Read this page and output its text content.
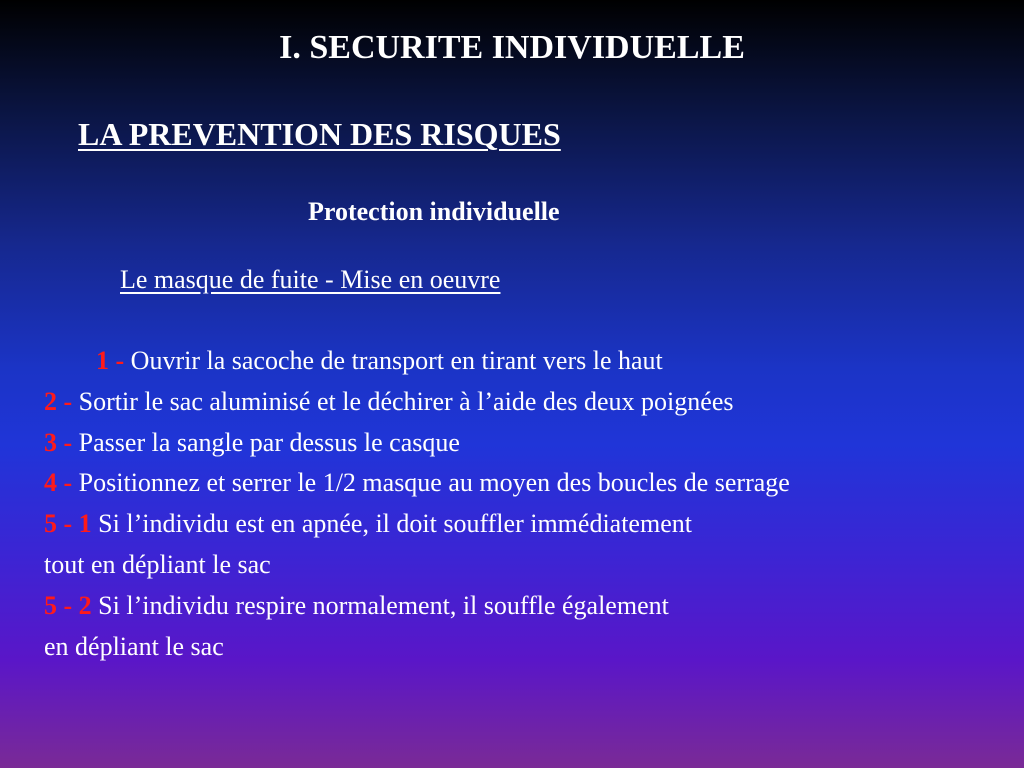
I. SECURITE INDIVIDUELLE
LA PREVENTION DES RISQUES
Protection individuelle
Le masque de fuite - Mise en oeuvre
1 - Ouvrir la sacoche de transport en tirant vers le haut
2 - Sortir le sac aluminisé et le déchirer à l’aide des deux poignées
3 - Passer la sangle par dessus le casque
4 - Positionnez et serrer le 1/2 masque au moyen des boucles de serrage
5 - 1 Si l’individu est en apnée, il doit souffler immédiatement
tout en dépliant le sac
5 - 2 Si l’individu respire normalement, il souffle également
en dépliant le sac
